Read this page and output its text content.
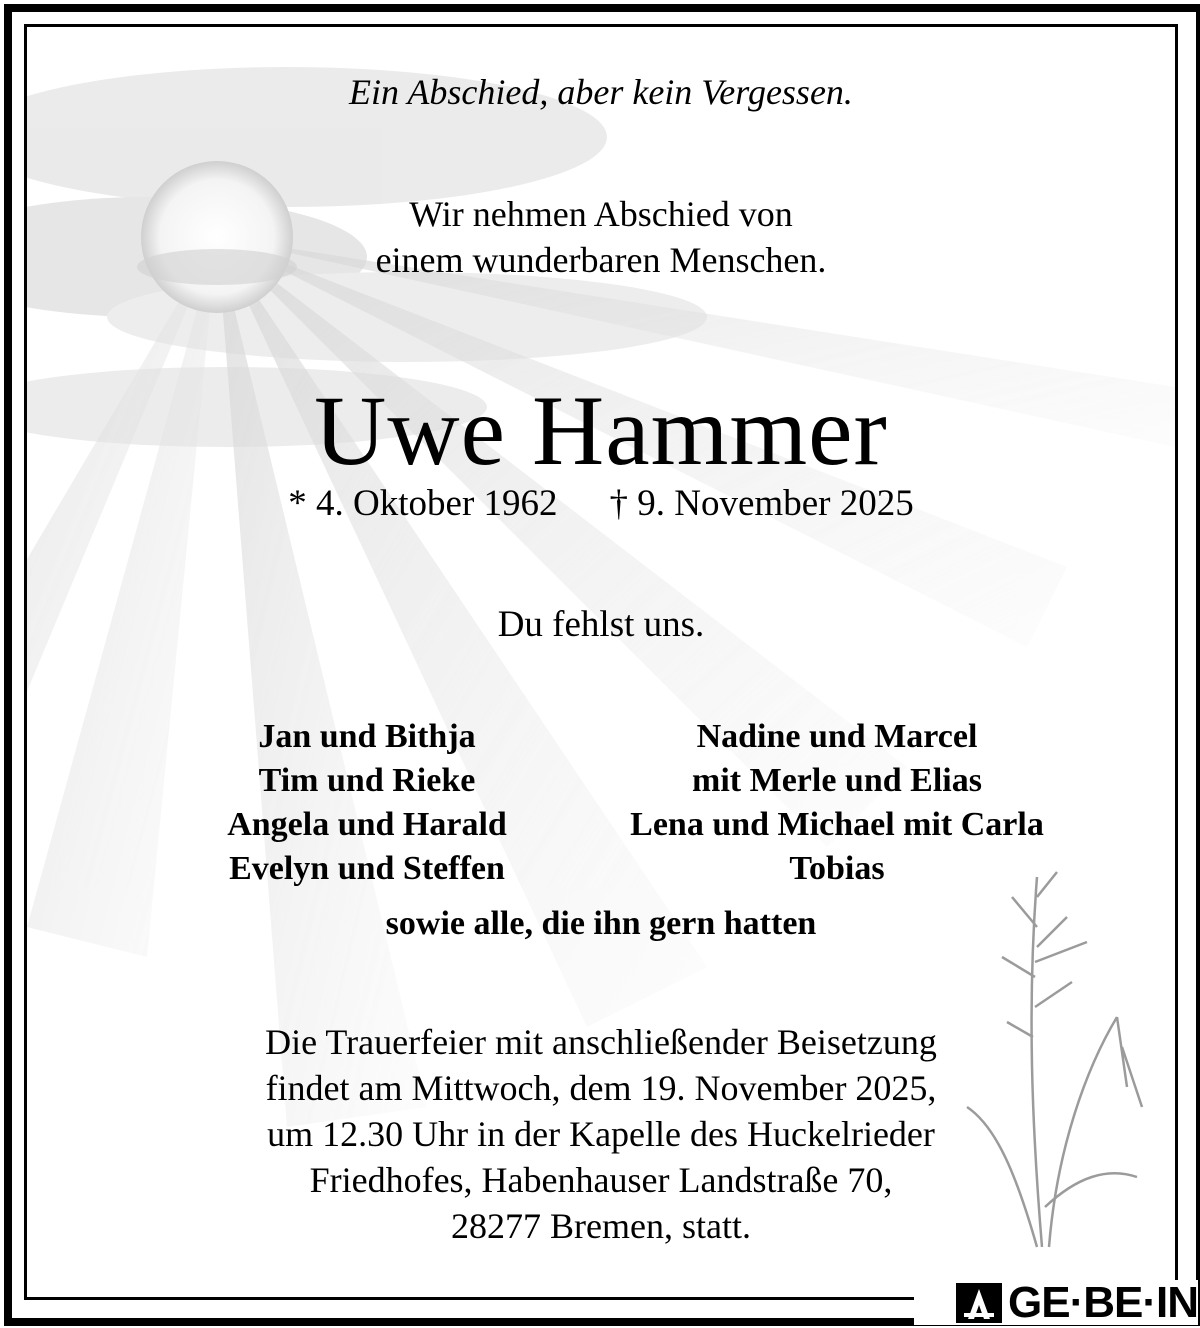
Ein Abschied, aber kein Vergessen.
Wir nehmen Abschied von
einem wunderbaren Menschen.
Uwe Hammer
* 4. Oktober 1962 † 9. November 2025
Du fehlst uns.
Jan und Bithja
Tim und Rieke
Angela und Harald
Evelyn und Steffen
Nadine und Marcel
mit Merle und Elias
Lena und Michael mit Carla
Tobias
sowie alle, die ihn gern hatten
Die Trauerfeier mit anschließender Beisetzung
findet am Mittwoch, dem 19. November 2025,
um 12.30 Uhr in der Kapelle des Huckelrieder
Friedhofes, Habenhauser Landstraße 70,
28277 Bremen, statt.
GE·BE·IN
